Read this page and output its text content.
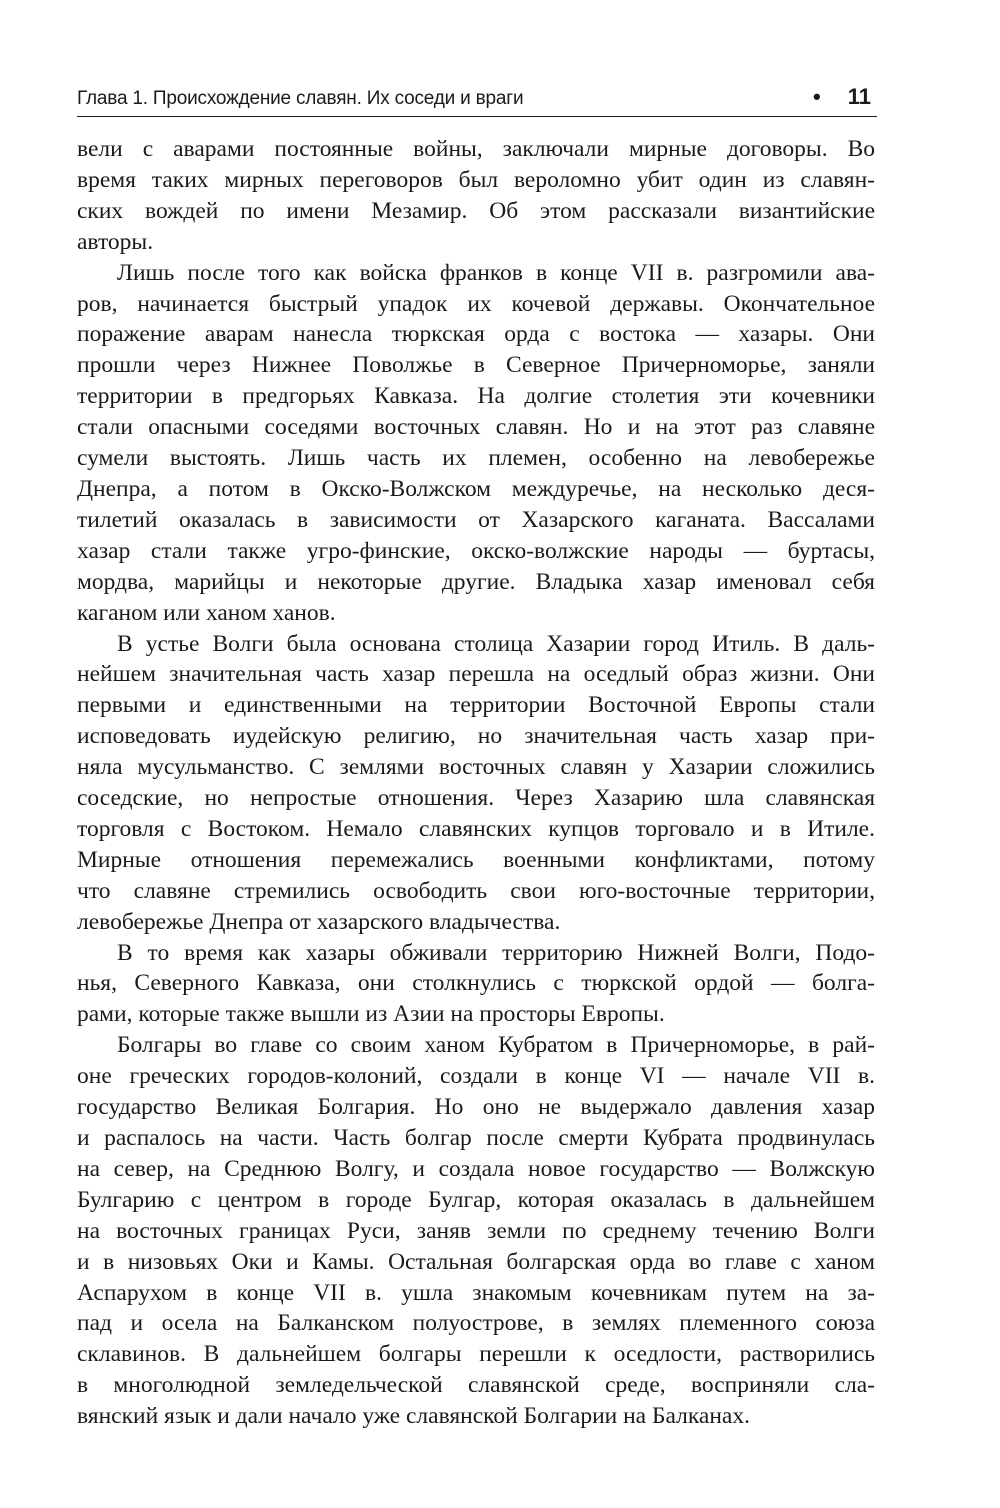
Глава 1. Происхождение славян. Их соседи и враги	• 11

вели с аварами постоянные войны, заключали мирные договоры. Во
время таких мирных переговоров был вероломно убит один из славян-
ских вождей по имени Мезамир. Об этом рассказали византийские
авторы.

Лишь после того как войска франков в конце VII в. разгромили ава-
ров, начинается быстрый упадок их кочевой державы. Окончательное
поражение аварам нанесла тюркская орда с востока — хазары. Они
прошли через Нижнее Поволжье в Северное Причерноморье, заняли
территории в предгорьях Кавказа. На долгие столетия эти кочевники
стали опасными соседями восточных славян. Но и на этот раз славяне
сумели выстоять. Лишь часть их племен, особенно на левобережье
Днепра, а потом в Окско-Волжском междуречье, на несколько деся-
тилетий оказалась в зависимости от Хазарского каганата. Вассалами
хазар стали также угро-финские, окско-волжские народы — буртасы,
мордва, марийцы и некоторые другие. Владыка хазар именовал себя
каганом или ханом ханов.

В устье Волги была основана столица Хазарии город Итиль. В даль-
нейшем значительная часть хазар перешла на оседлый образ жизни. Они
первыми и единственными на территории Восточной Европы стали
исповедовать иудейскую религию, но значительная часть хазар при-
няла мусульманство. С землями восточных славян у Хазарии сложились
соседские, но непростые отношения. Через Хазарию шла славянская
торговля с Востоком. Немало славянских купцов торговало и в Итиле.
Мирные отношения перемежались военными конфликтами, потому
что славяне стремились освободить свои юго-восточные территории,
левобережье Днепра от хазарского владычества.

В то время как хазары обживали территорию Нижней Волги, Подо-
нья, Северного Кавказа, они столкнулись с тюркской ордой — болга-
рами, которые также вышли из Азии на просторы Европы.

Болгары во главе со своим ханом Кубратом в Причерноморье, в рай-
оне греческих городов-колоний, создали в конце VI — начале VII в.
государство Великая Болгария. Но оно не выдержало давления хазар
и распалось на части. Часть болгар после смерти Кубрата продвинулась
на север, на Среднюю Волгу, и создала новое государство — Волжскую
Булгарию с центром в городе Булгар, которая оказалась в дальнейшем
на восточных границах Руси, заняв земли по среднему течению Волги
и в низовьях Оки и Камы. Остальная болгарская орда во главе с ханом
Аспарухом в конце VII в. ушла знакомым кочевникам путем на за-
пад и осела на Балканском полуострове, в землях племенного союза
склавинов. В дальнейшем болгары перешли к оседлости, растворились
в многолюдной земледельческой славянской среде, восприняли сла-
вянский язык и дали начало уже славянской Болгарии на Балканах.
